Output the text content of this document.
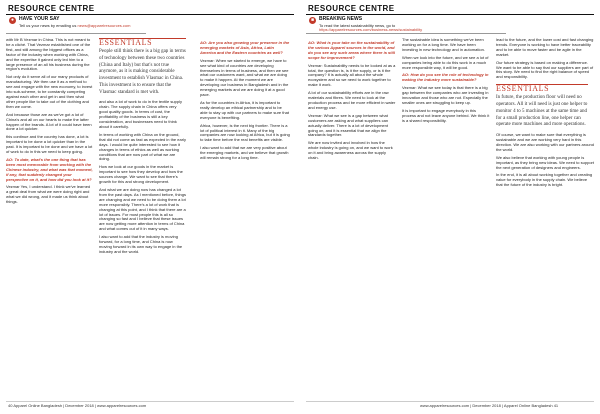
RESOURCE CENTRE
● HAVE YOUR SAY
Tell us your news by emailing us news@apparelresources.com

with Mr B Vezmar in China. This is not meant to be a cliché. That Vezmar established one of the first, and still among the biggest offices as a factor of the industry when working with China, and the expertise it gained only led him to a large presence of an all his business during the region's evolution.

Not only do it serve all of our many products of manufacturing. We then use it as a method to see and engage with the new economy, to invest into sub-scheme, to be constantly competing against each other and get in and then what other people like to take out of the clothing and then we come.

And because those are as we've got a lot of China's and all on our hearts to make the latter happen of the brands. A lot of it could have been done a lot quicker.

this continue and the country has done, a lot is important to be done a lot quicker than in the past. It is important to be done and we have a lot of work to do in this we need to keep going.

AO: To date, what's the one thing that has been most memorable from working with the Chinese industry, and what was that moment, if any, that suddenly changed your perspective on it, and how did you look at it?

Vezmar Yes, I understand. I think we've learned a great deal from what we were doing right and what we did wrong, and it made us think about things.

ESSENTIALS
People still think there is a big gap in terms of technology between these two countries (China and Italy) but that's not true anymore, as it is making considerable investment to establish Vlasmac in China. This investment is to ensure that the Vlasmac standard is met with.

and also a lot of work to do in the textile supply chain. The supply chain in China offers very good quality goods. In terms of cost, the profitability of the business is still a key consideration, and businesses need to think about it carefully.

In terms of working with China on the ground, that did not come as fast as expected in the early days. I would be quite interested to see how it changes in terms of ethics as well as working conditions that are now part of what we are doing.

How we look at our goods in the market is important to see how they develop and how the sources change. We want to see that there's growth for this and strong development.

And what we are doing now has changed a lot from the past days. As I mentioned before, things are changing and we need to be doing them a lot more responsibly. There's a lot of work that is changing at this point, and I think that there are a lot of issues. For most people this is all so changing so fast and I believe that these issues are now getting more attention in terms of China and what comes out of it in many ways.

I also want to add that the industry is moving forward, for a long time, and China is now moving forward in its own way to engage in the industry and the world.

AO: Are you also growing your presence in the emerging markets of Asia, Africa, Latin America and the Eastern countries as well?

Vezmar: When we started to emerge, we have to see what kind of countries are developing themselves in terms of business, and then we see what our customers want, and what we are doing to make it happen. At the moment we are developing our business in Bangladesh and in the emerging markets and we are doing it at a good pace.

As for the countries in Africa, it is important to really develop an ethical partnership and to be able to stay up with our partners to make sure that everyone is benefiting.

Africa, however, is the next big frontier. There is a lot of political interest in it. Many of the big companies are now looking at Africa, but it is going to take time before the real benefits are visible.

I also want to add that we are very positive about the emerging markets, and we believe that growth will remain strong for a long time.

40 Apparel Online Bangladesh | December 2018 | www.apparelresources.com
RESOURCE CENTRE
■ BREAKING NEWS
To read the latest sustainability news, go to
https://apparelresources.com/business-news/sustainability
AO: What is your take on the sustainability of the various Apparel sources in the world, and do you see any such areas where there is still scope for improvement?

Vezmar: Sustainability needs to be looked at as a total, the question is, is it the supply, or is it the company? It is actually all about the whole ecosystem and so we need to work together to make it work.

A lot of our sustainability efforts are in the raw materials and fibres. We need to look at the production process and be more efficient in water and energy use.

Vezmar: What we see is a gap between what customers are asking and what suppliers can actually deliver. There is a lot of development going on, and it is essential that we align the standards together.

We are now invited and involved in how the whole industry is going on, and we want to work on it and bring awareness across the supply chain.

The sustainable idea is something we've been working on for a long time. We have been investing in new technology and in automation.

When we look into the future, and we see a lot of companies being able to do this work in a much more responsible way, it will be good.

AO: How do you see the role of technology in making the industry more sustainable?

Vezmar: What we see today is that there is a big gap between the companies who are investing in innovation and those who are not. Especially the smaller ones are struggling to keep up.

It is important to engage everybody in this process and not leave anyone behind. We think it is a shared responsibility.

lead to the future, and the lower cost and fast changing trends. Everyone is working to have better traceability and to be able to move faster and be agile in the market.

Our future strategy is based on making a difference. We want to be able to say that our suppliers are part of this story. We need to find the right balance of speed and responsibility.

ESSENTIALS
In future, the production floor will need no operators. All it will need is just one helper to monitor 4 to 5 machines at the same time and for a small production line, one helper can operate more machines and more operations.

Of course, we want to make sure that everything is sustainable and we are working very hard in this direction. We are also working with our partners around the world.

We also believe that working with young people is important, as they bring new ideas. We need to support the next generation of designers and engineers.

In the end, it is all about working together and creating value for everybody in the supply chain. We believe that the future of the industry is bright.

www.apparelresources.com | December 2018 | Apparel Online Bangladesh 41
